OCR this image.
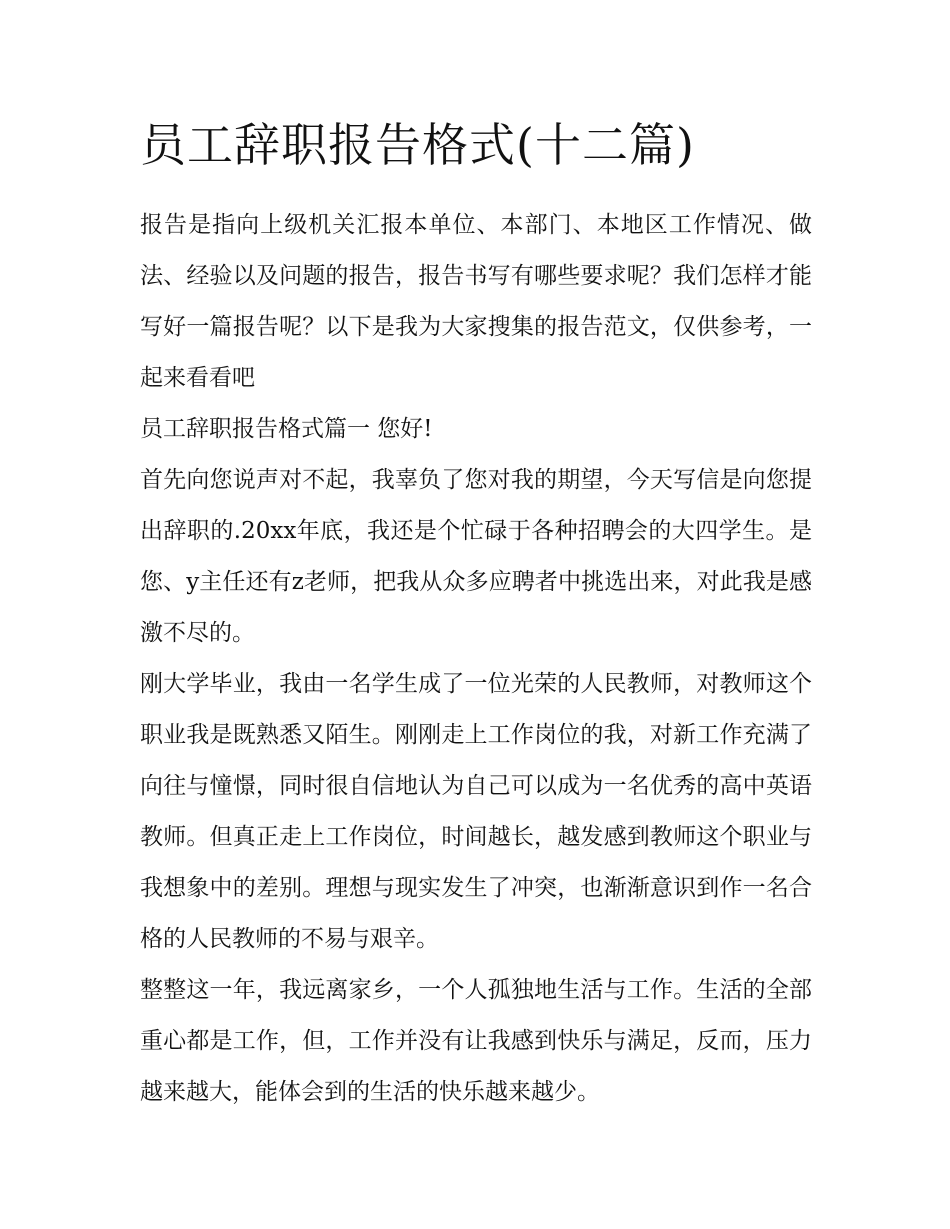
员工辞职报告格式(十二篇)

报告是指向上级机关汇报本单位、本部门、本地区工作情况、做法、经验以及问题的报告，报告书写有哪些要求呢？我们怎样才能写好一篇报告呢？以下是我为大家搜集的报告范文，仅供参考，一起来看看吧

员工辞职报告格式篇一 您好!

首先向您说声对不起，我辜负了您对我的期望，今天写信是向您提出辞职的.20xx年底，我还是个忙碌于各种招聘会的大四学生。是您、y主任还有z老师，把我从众多应聘者中挑选出来，对此我是感激不尽的。

刚大学毕业，我由一名学生成了一位光荣的人民教师，对教师这个职业我是既熟悉又陌生。刚刚走上工作岗位的我，对新工作充满了向往与憧憬，同时很自信地认为自己可以成为一名优秀的高中英语教师。但真正走上工作岗位，时间越长，越发感到教师这个职业与我想象中的差别。理想与现实发生了冲突，也渐渐意识到作一名合格的人民教师的不易与艰辛。

整整这一年，我远离家乡，一个人孤独地生活与工作。生活的全部重心都是工作，但，工作并没有让我感到快乐与满足，反而，压力越来越大，能体会到的生活的快乐越来越少。
